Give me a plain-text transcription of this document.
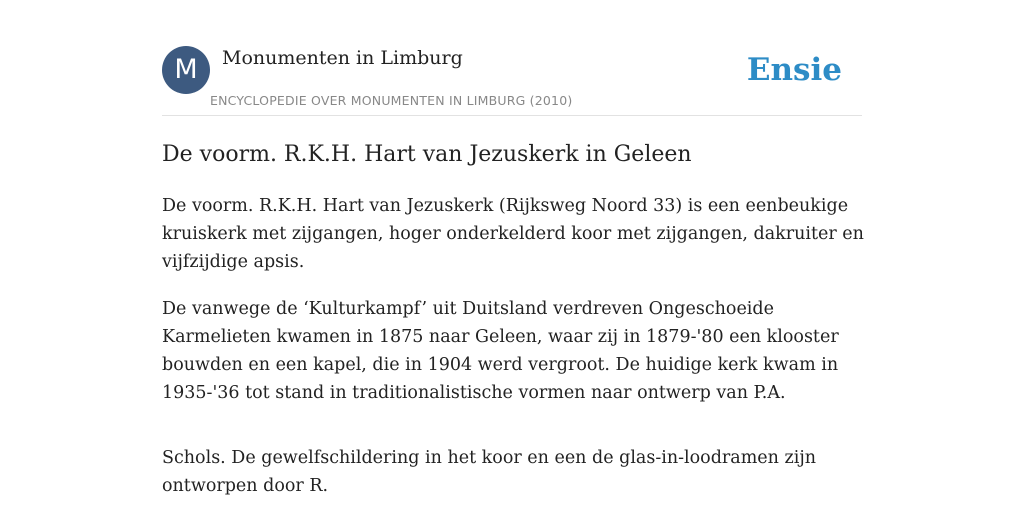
M	Monumenten in Limburg
ENCYCLOPEDIE OVER MONUMENTEN IN LIMBURG (2010)
Ensie
De voorm. R.K.H. Hart van Jezuskerk in Geleen

De voorm. R.K.H. Hart van Jezuskerk (Rijksweg Noord 33) is een eenbeukige kruiskerk met zijgangen, hoger onderkelderd koor met zijgangen, dakruiter en vijfzijdige apsis.

De vanwege de ‘Kulturkampf’ uit Duitsland verdreven Ongeschoeide Karmelieten kwamen in 1875 naar Geleen, waar zij in 1879-'80 een klooster bouwden en een kapel, die in 1904 werd vergroot. De huidige kerk kwam in 1935-'36 tot stand in traditionalistische vormen naar ontwerp van P.A.

Schols. De gewelfschildering in het koor en een de glas-in-loodramen zijn ontworpen door R.
